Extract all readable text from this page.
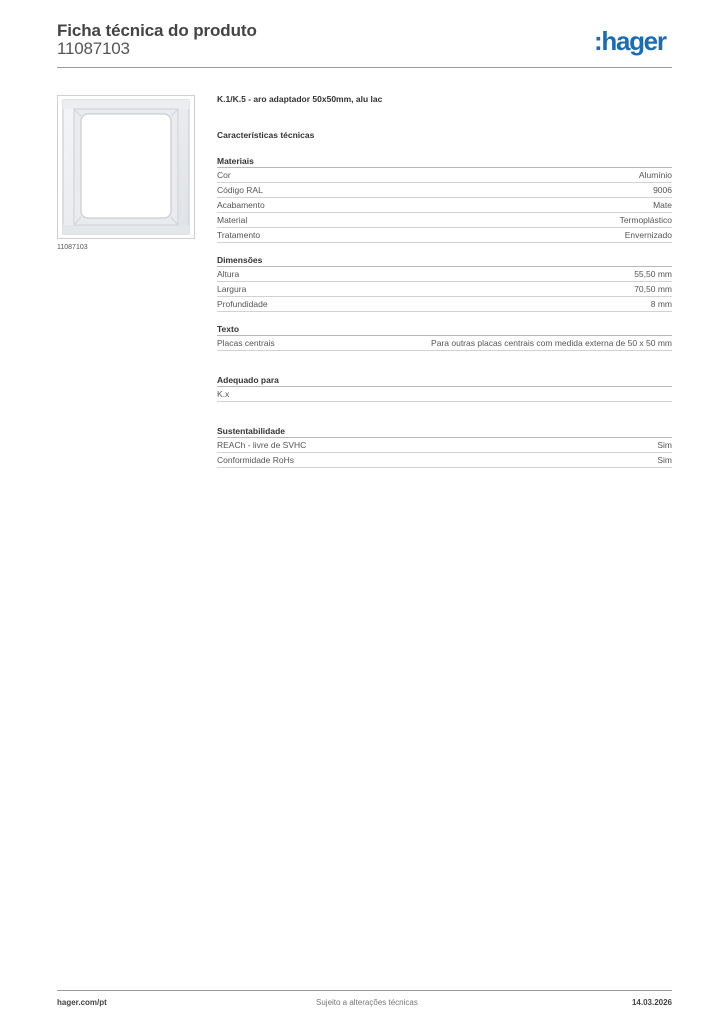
Ficha técnica do produto
11087103	:hager
11087103
K.1/K.5 - aro adaptador 50x50mm, alu lac
Características técnicas
Materiais
Cor	Alumínio
Código RAL	9006
Acabamento	Mate
Material	Termoplástico
Tratamento	Envernizado
Dimensões
Altura	55,50 mm
Largura	70,50 mm
Profundidade	8 mm
Texto
Placas centrais	Para outras placas centrais com medida externa de 50 x 50 mm
Adequado para
K.x
Sustentabilidade
REACh - livre de SVHC	Sim
Conformidade RoHs	Sim
hager.com/pt	Sujeito a alterações técnicas	14.03.2026
